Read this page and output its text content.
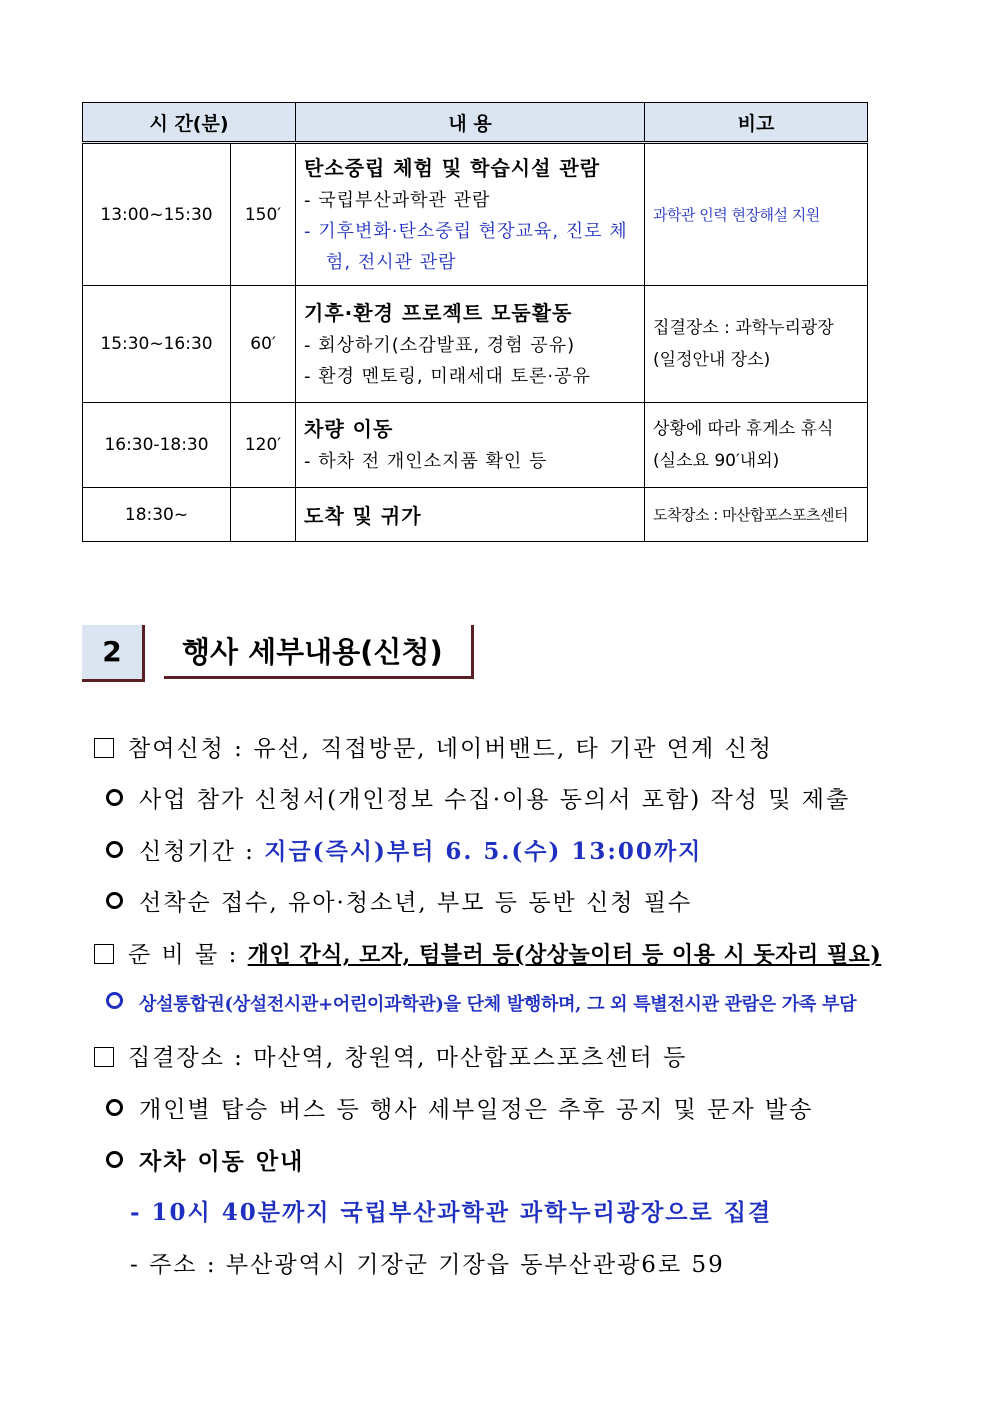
시 간(분)		내 용	비고
13:00~15:30	150′	탄소중립 체험 및 학습시설 관람
- 국립부산과학관 관람
- 기후변화·탄소중립 현장교육, 진로 체험, 전시관 관람	과학관 인력 현장해설 지원
15:30~16:30	60′	기후·환경 프로젝트 모둠활동
- 회상하기(소감발표, 경험 공유)
- 환경 멘토링, 미래세대 토론·공유	집결장소 : 과학누리광장 (일정안내 장소)
16:30-18:30	120′	차량 이동
- 하차 전 개인소지품 확인 등	상황에 따라 휴게소 휴식 (실소요 90′내외)
18:30~		도착 및 귀가	도착장소 : 마산합포스포츠센터
2	행사 세부내용(신청)
참여신청 : 유선, 직접방문, 네이버밴드, 타 기관 연계 신청
사업 참가 신청서(개인정보 수집·이용 동의서 포함) 작성 및 제출
신청기간 : 지금(즉시)부터 6. 5.(수) 13:00까지
선착순 접수, 유아·청소년, 부모 등 동반 신청 필수
준 비 물 : 개인 간식, 모자, 텀블러 등(상상놀이터 등 이용 시 돗자리 필요)
상설통합권(상설전시관+어린이과학관)을 단체 발행하며, 그 외 특별전시관 관람은 가족 부담
집결장소 : 마산역, 창원역, 마산합포스포츠센터 등
개인별 탑승 버스 등 행사 세부일정은 추후 공지 및 문자 발송
자차 이동 안내
- 10시 40분까지 국립부산과학관 과학누리광장으로 집결
- 주소 : 부산광역시 기장군 기장읍 동부산관광6로 59
